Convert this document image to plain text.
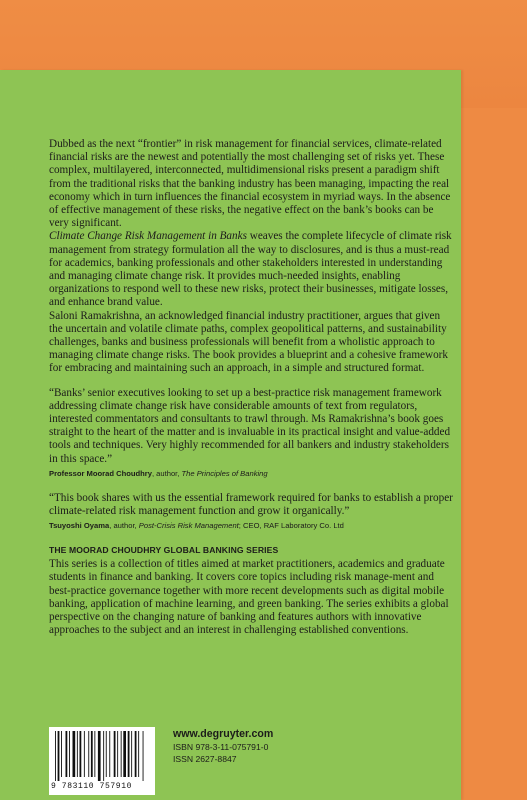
Dubbed as the next “frontier” in risk management for financial services, climate-related financial risks are the newest and potentially the most challenging set of risks yet. These complex, multilayered, interconnected, multidimensional risks present a paradigm shift from the traditional risks that the banking industry has been managing, impacting the real economy which in turn influences the financial ecosystem in myriad ways. In the absence of effective management of these risks, the negative effect on the bank’s books can be very significant.

Climate Change Risk Management in Banks weaves the complete lifecycle of climate risk management from strategy formulation all the way to disclosures, and is thus a must-read for academics, banking professionals and other stakeholders interested in understanding and managing climate change risk. It provides much-needed insights, enabling organizations to respond well to these new risks, protect their businesses, mitigate losses, and enhance brand value.

Saloni Ramakrishna, an acknowledged financial industry practitioner, argues that given the uncertain and volatile climate paths, complex geopolitical patterns, and sustainability challenges, banks and business professionals will benefit from a wholistic approach to managing climate change risks. The book provides a blueprint and a cohesive framework for embracing and maintaining such an approach, in a simple and structured format.

“Banks’ senior executives looking to set up a best-practice risk management framework addressing climate change risk have considerable amounts of text from regulators, interested commentators and consultants to trawl through. Ms Ramakrishna’s book goes straight to the heart of the matter and is invaluable in its practical insight and value-added tools and techniques. Very highly recommended for all bankers and industry stakeholders in this space.”

Professor Moorad Choudhry, author, The Principles of Banking

“This book shares with us the essential framework required for banks to establish a proper climate-related risk management function and grow it organically.”

Tsuyoshi Oyama, author, Post-Crisis Risk Management; CEO, RAF Laboratory Co. Ltd

THE MOORAD CHOUDHRY GLOBAL BANKING SERIES

This series is a collection of titles aimed at market practitioners, academics and graduate students in finance and banking. It covers core topics including risk manage-ment and best-practice governance together with more recent developments such as digital mobile banking, application of machine learning, and green banking. The series exhibits a global perspective on the changing nature of banking and features authors with innovative approaches to the subject and an interest in challenging established conventions.

9 783110 757910

www.degruyter.com

ISBN 978-3-11-075791-0

ISSN 2627-8847
